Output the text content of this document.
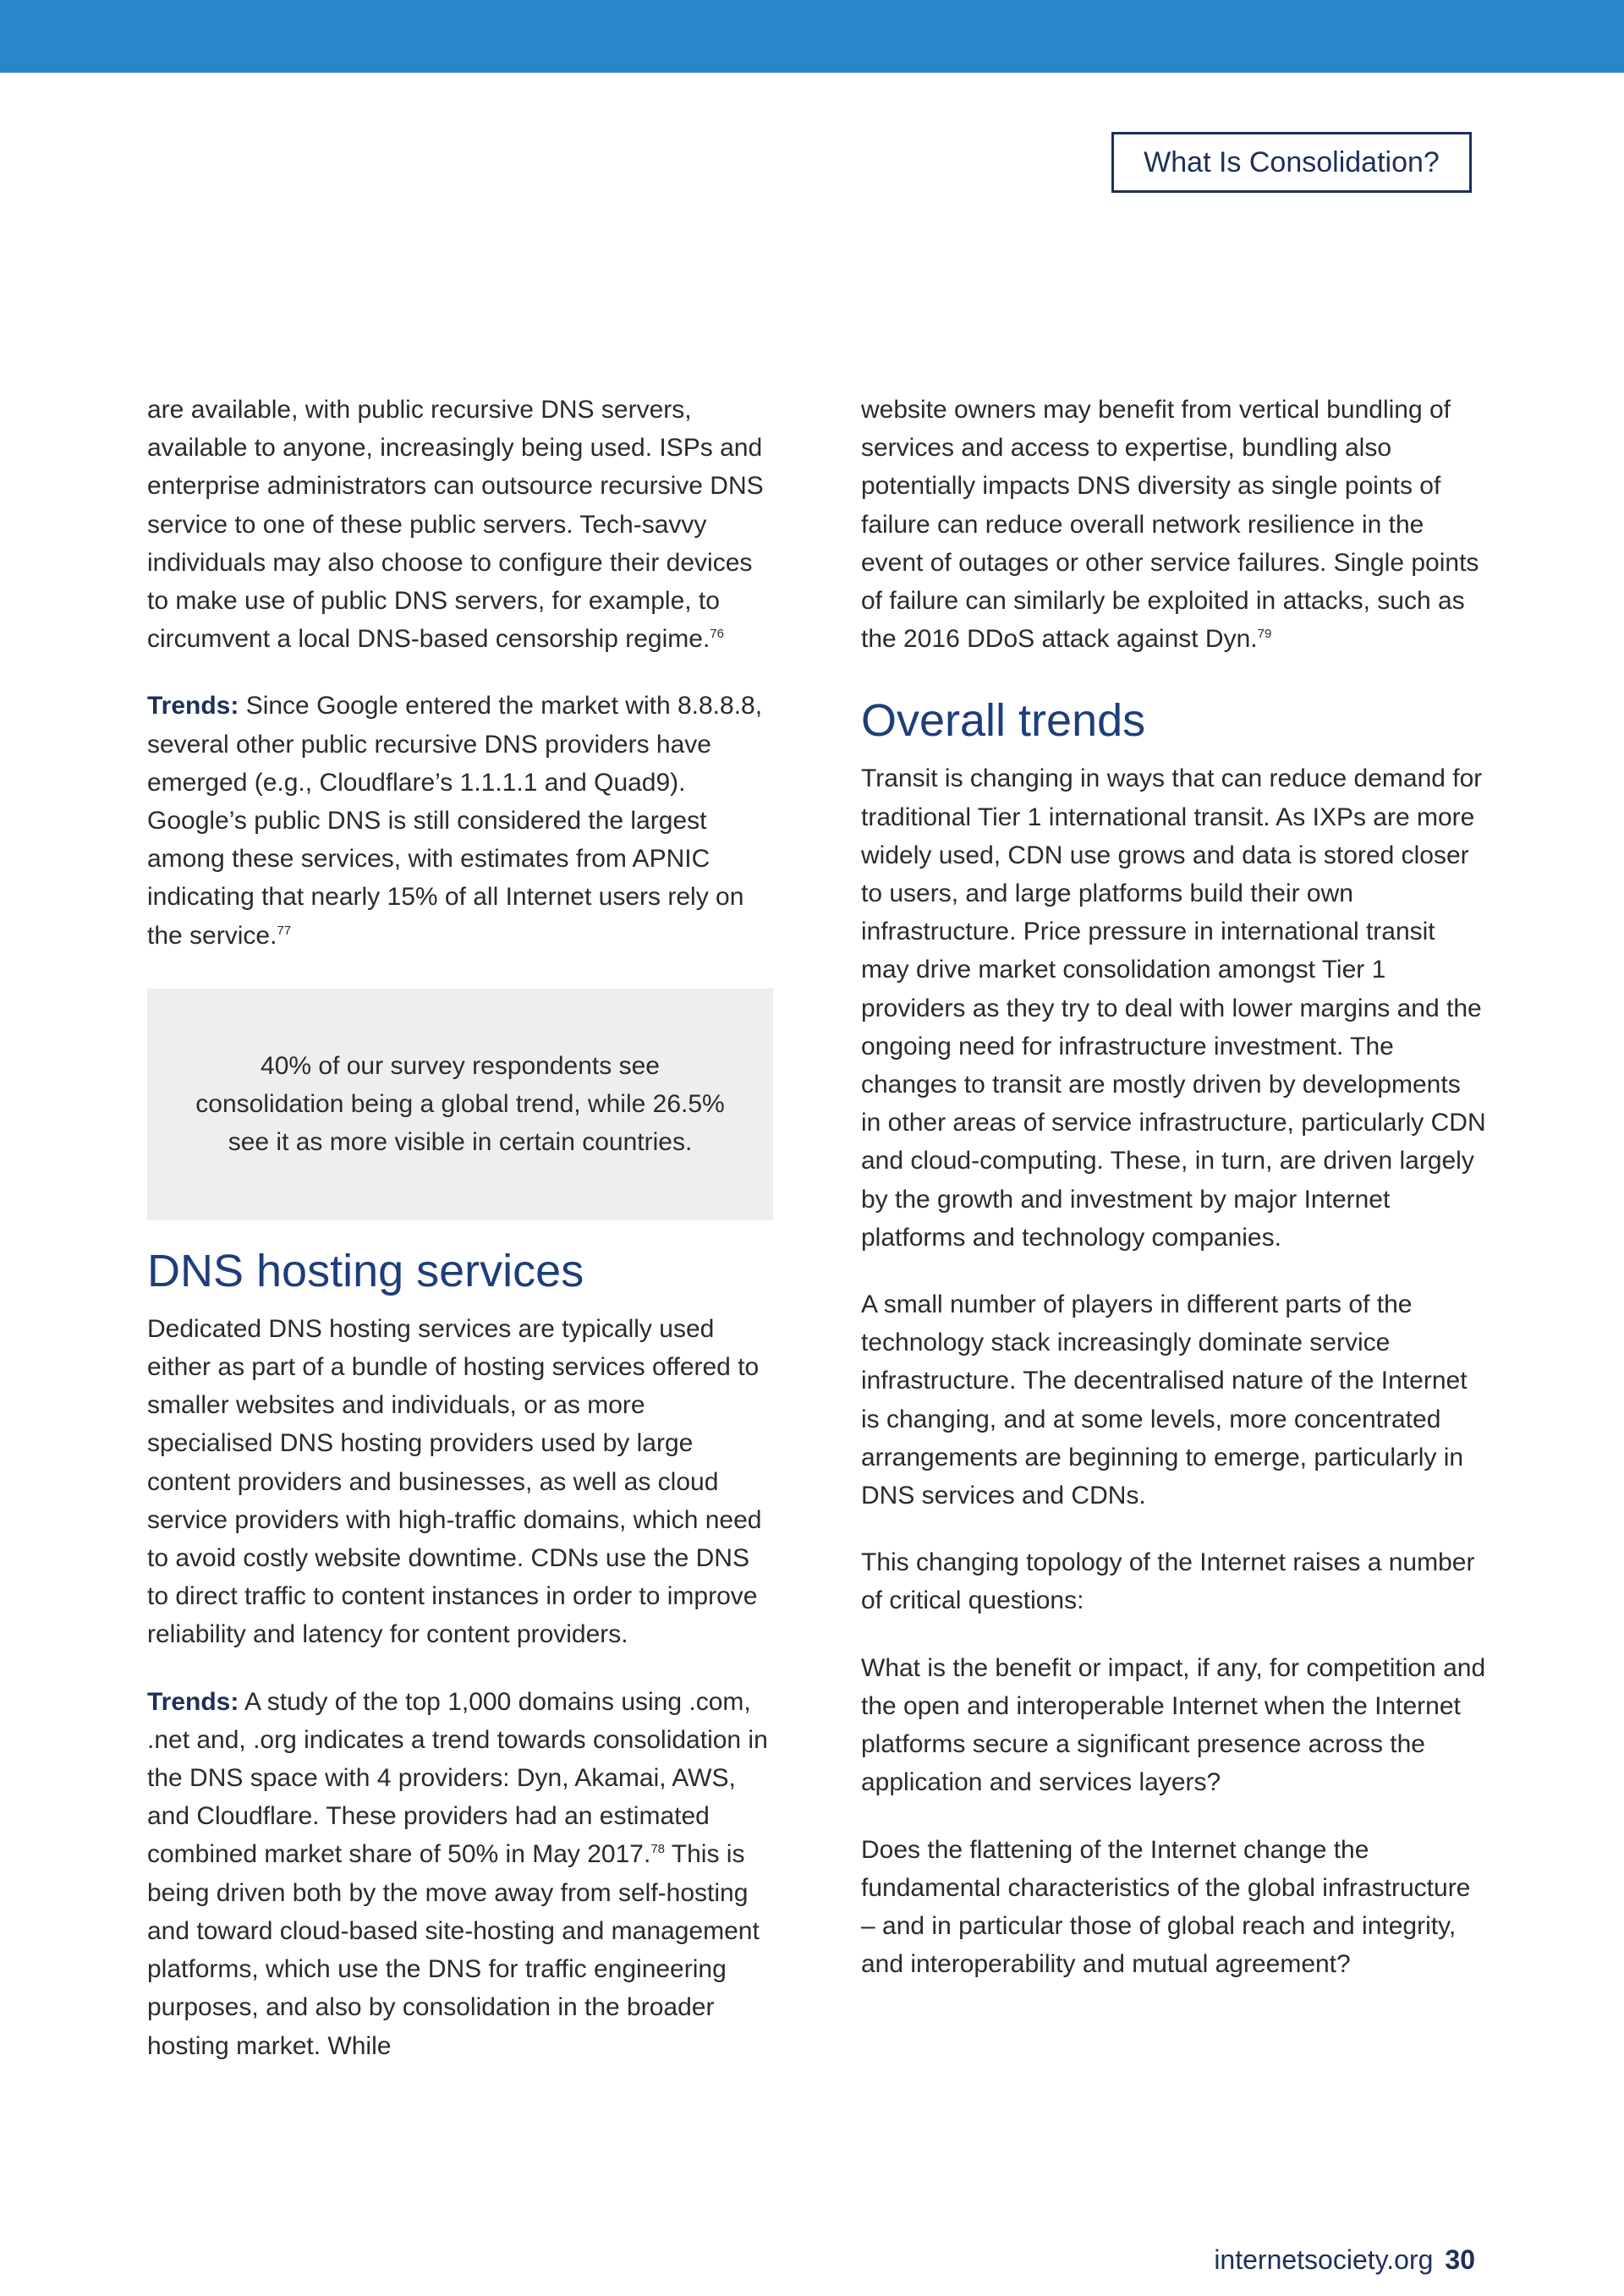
What Is Consolidation?

are available, with public recursive DNS servers, available to anyone, increasingly being used. ISPs and enterprise administrators can outsource recursive DNS service to one of these public servers. Tech-savvy individuals may also choose to configure their devices to make use of public DNS servers, for example, to circumvent a local DNS-based censorship regime.$^{76}$

Trends: Since Google entered the market with 8.8.8.8, several other public recursive DNS providers have emerged (e.g., Cloudflare’s 1.1.1.1 and Quad9). Google’s public DNS is still considered the largest among these services, with estimates from APNIC indicating that nearly 15% of all Internet users rely on the service.$^{77}$

40% of our survey respondents see consolidation being a global trend, while 26.5% see it as more visible in certain countries.

DNS hosting services

Dedicated DNS hosting services are typically used either as part of a bundle of hosting services offered to smaller websites and individuals, or as more specialised DNS hosting providers used by large content providers and businesses, as well as cloud service providers with high-traffic domains, which need to avoid costly website downtime. CDNs use the DNS to direct traffic to content instances in order to improve reliability and latency for content providers.

Trends: A study of the top 1,000 domains using .com, .net and, .org indicates a trend towards consolidation in the DNS space with 4 providers: Dyn, Akamai, AWS, and Cloudflare. These providers had an estimated combined market share of 50% in May 2017.78 This is being driven both by the move away from self-hosting and toward cloud-based site-hosting and management platforms, which use the DNS for traffic engineering purposes, and also by consolidation in the broader hosting market. While

website owners may benefit from vertical bundling of services and access to expertise, bundling also potentially impacts DNS diversity as single points of failure can reduce overall network resilience in the event of outages or other service failures. Single points of failure can similarly be exploited in attacks, such as the 2016 DDoS attack against Dyn.$^{79}$

Overall trends

Transit is changing in ways that can reduce demand for traditional Tier 1 international transit. As IXPs are more widely used, CDN use grows and data is stored closer to users, and large platforms build their own infrastructure. Price pressure in international transit may drive market consolidation amongst Tier 1 providers as they try to deal with lower margins and the ongoing need for infrastructure investment. The changes to transit are mostly driven by developments in other areas of service infrastructure, particularly CDN and cloud-computing. These, in turn, are driven largely by the growth and investment by major Internet platforms and technology companies.

A small number of players in different parts of the technology stack increasingly dominate service infrastructure. The decentralised nature of the Internet is changing, and at some levels, more concentrated arrangements are beginning to emerge, particularly in DNS services and CDNs.

This changing topology of the Internet raises a number of critical questions:

What is the benefit or impact, if any, for competition and the open and interoperable Internet when the Internet platforms secure a significant presence across the application and services layers?

Does the flattening of the Internet change the fundamental characteristics of the global infrastructure – and in particular those of global reach and integrity, and interoperability and mutual agreement?

internetsociety.org 30
